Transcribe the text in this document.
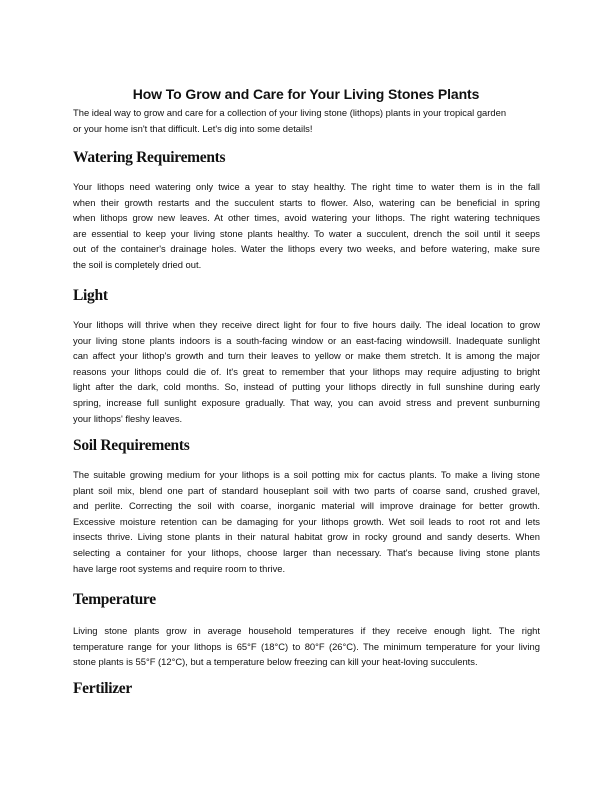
How To Grow and Care for Your Living Stones Plants
The ideal way to grow and care for a collection of your living stone (lithops) plants in your tropical garden
or your home isn't that difficult. Let's dig into some details!
Watering Requirements
Your lithops need watering only twice a year to stay healthy. The right time to water them is in the fall
when their growth restarts and the succulent starts to flower. Also, watering can be beneficial in spring
when lithops grow new leaves. At other times, avoid watering your lithops. The right watering techniques
are essential to keep your living stone plants healthy. To water a succulent, drench the soil until it seeps
out of the container's drainage holes. Water the lithops every two weeks, and before watering, make sure
the soil is completely dried out.
Light
Your lithops will thrive when they receive direct light for four to five hours daily. The ideal location to grow
your living stone plants indoors is a south-facing window or an east-facing windowsill. Inadequate sunlight
can affect your lithop's growth and turn their leaves to yellow or make them stretch. It is among the major
reasons your lithops could die of. It's great to remember that your lithops may require adjusting to bright
light after the dark, cold months. So, instead of putting your lithops directly in full sunshine during early
spring, increase full sunlight exposure gradually. That way, you can avoid stress and prevent sunburning
your lithops' fleshy leaves.
Soil Requirements
The suitable growing medium for your lithops is a soil potting mix for cactus plants. To make a living stone
plant soil mix, blend one part of standard houseplant soil with two parts of coarse sand, crushed gravel,
and perlite. Correcting the soil with coarse, inorganic material will improve drainage for better growth.
Excessive moisture retention can be damaging for your lithops growth. Wet soil leads to root rot and lets
insects thrive. Living stone plants in their natural habitat grow in rocky ground and sandy deserts. When
selecting a container for your lithops, choose larger than necessary. That's because living stone plants
have large root systems and require room to thrive.
Temperature
Living stone plants grow in average household temperatures if they receive enough light. The right
temperature range for your lithops is 65°F (18°C) to 80°F (26°C). The minimum temperature for your living
stone plants is 55°F (12°C), but a temperature below freezing can kill your heat-loving succulents.
Fertilizer
